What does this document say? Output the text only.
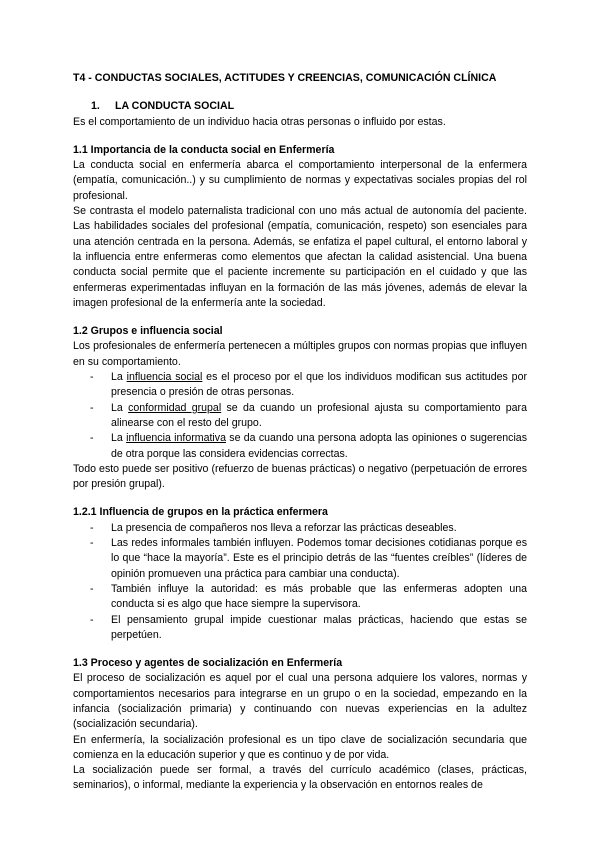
T4 - CONDUCTAS SOCIALES, ACTITUDES Y CREENCIAS, COMUNICACIÓN CLÍNICA
1. LA CONDUCTA SOCIAL

Es el comportamiento de un individuo hacia otras personas o influido por estas.

1.1 Importancia de la conducta social en Enfermería

La conducta social en enfermería abarca el comportamiento interpersonal de la enfermera (empatía, comunicación..) y su cumplimiento de normas y expectativas sociales propias del rol profesional.

Se contrasta el modelo paternalista tradicional con uno más actual de autonomía del paciente. Las habilidades sociales del profesional (empatía, comunicación, respeto) son esenciales para una atención centrada en la persona. Además, se enfatiza el papel cultural, el entorno laboral y la influencia entre enfermeras como elementos que afectan la calidad asistencial. Una buena conducta social permite que el paciente incremente su participación en el cuidado y que las enfermeras experimentadas influyan en la formación de las más jóvenes, además de elevar la imagen profesional de la enfermería ante la sociedad.

1.2 Grupos e influencia social

Los profesionales de enfermería pertenecen a múltiples grupos con normas propias que influyen en su comportamiento.

- La influencia social es el proceso por el que los individuos modifican sus actitudes por presencia o presión de otras personas.
- La conformidad grupal se da cuando un profesional ajusta su comportamiento para alinearse con el resto del grupo.
- La influencia informativa se da cuando una persona adopta las opiniones o sugerencias de otra porque las considera evidencias correctas.

Todo esto puede ser positivo (refuerzo de buenas prácticas) o negativo (perpetuación de errores por presión grupal).

1.2.1 Influencia de grupos en la práctica enfermera
- La presencia de compañeros nos lleva a reforzar las prácticas deseables.
- Las redes informales también influyen. Podemos tomar decisiones cotidianas porque es lo que “hace la mayoría”. Este es el principio detrás de las “fuentes creíbles” (líderes de opinión promueven una práctica para cambiar una conducta).
- También influye la autoridad: es más probable que las enfermeras adopten una conducta si es algo que hace siempre la supervisora.
- El pensamiento grupal impide cuestionar malas prácticas, haciendo que estas se perpetúen.
1.3 Proceso y agentes de socialización en Enfermería

El proceso de socialización es aquel por el cual una persona adquiere los valores, normas y comportamientos necesarios para integrarse en un grupo o en la sociedad, empezando en la infancia (socialización primaria) y continuando con nuevas experiencias en la adultez (socialización secundaria).

En enfermería, la socialización profesional es un tipo clave de socialización secundaria que comienza en la educación superior y que es continuo y de por vida.

La socialización puede ser formal, a través del currículo académico (clases, prácticas, seminarios), o informal, mediante la experiencia y la observación en entornos reales de
